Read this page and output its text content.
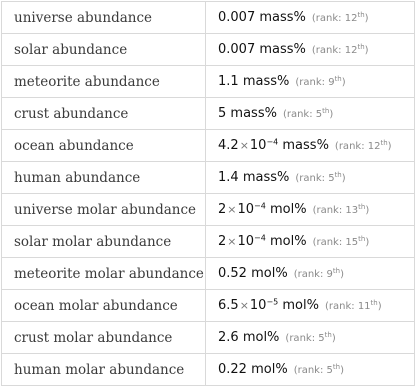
universe abundance	0.007 mass% (rank: 12th)
solar abundance	0.007 mass% (rank: 12th)
meteorite abundance	1.1 mass% (rank: 9th)
crust abundance	5 mass% (rank: 5th)
ocean abundance	$4.2\times 10^{-4}$ mass% (rank: 12th)
human abundance	1.4 mass% (rank: 5th)
universe molar abundance	$2\times 10^{-4}$ mol% (rank: 13th)
solar molar abundance	$2\times 10^{-4}$ mol% (rank: 15th)
meteorite molar abundance	0.52 mol% (rank: 9th)
ocean molar abundance	$6.5\times 10^{-5}$ mol% (rank: 11th)
crust molar abundance	2.6 mol% (rank: 5th)
human molar abundance	0.22 mol% (rank: 5th)
